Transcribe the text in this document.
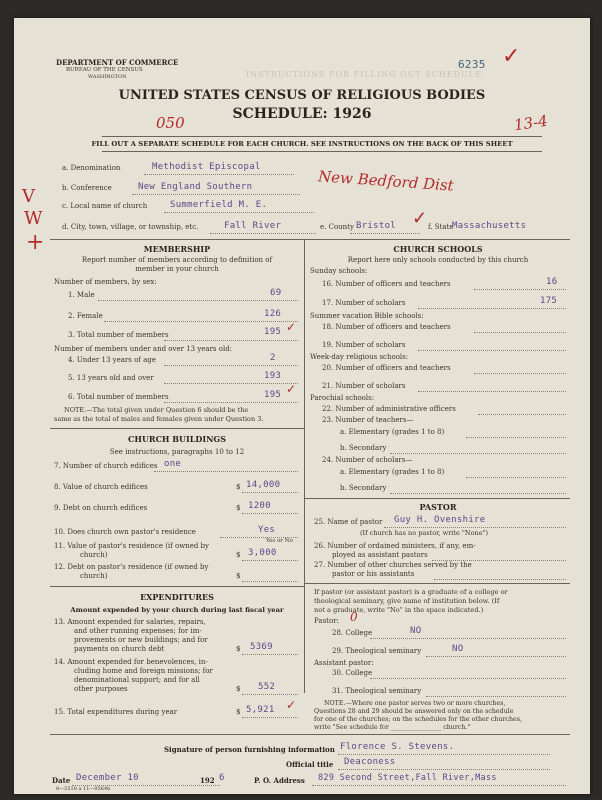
DEPARTMENT OF COMMERCE
BUREAU OF THE CENSUS
WASHINGTON	INSTRUCTIONS FOR FILLING OUT SCHEDULE
6235 ✓
UNITED STATES CENSUS OF RELIGIOUS BODIES
SCHEDULE: 1926
050	13-4
FILL OUT A SEPARATE SCHEDULE FOR EACH CHURCH. SEE INSTRUCTIONS ON THE BACK OF THIS SHEET
V
W
+
a. Denomination	Methodist Episcopal
b. Conference	New England Southern	New Bedford Dist
c. Local name of church	Summerfield M. E.
d. City, town, village, or township, etc.	Fall River	e. County Bristol ✓ f. State
Massachusetts
MEMBERSHIP
Report number of members according to definition of
member in your church
Number of members, by sex:
1. Male	69
2. Female	126
3. Total number of members	195 ✓
Number of members under and over 13 years old:
4. Under 13 years of age	2
5. 13 years old and over	193
6. Total number of members	195 ✓
NOTE.—The total given under Question 6 should be the
same as the total of males and females given under Question 3.
CHURCH BUILDINGS
See instructions, paragraphs 10 to 12
7. Number of church edifices one
8. Value of church edifices	$ 14,000
9. Debt on church edifices	$ 1200
10. Does church own pastor's residence	Yes
Yes or No
11. Value of pastor's residence (if owned by
church)	$ 3,000
12. Debt on pastor's residence (if owned by
church)	$
EXPENDITURES
Amount expended by your church during last fiscal year
13. Amount expended for salaries, repairs,
and other running expenses; for im-
provements or new buildings; and for
payments on church debt	$ 5369
14. Amount expended for benevolences, in-
cluding home and foreign missions; for
denominational support; and for all
other purposes	$ 552
15. Total expenditures during year	$ 5,921 ✓
CHURCH SCHOOLS
Report here only schools conducted by this church
Sunday schools:
16. Number of officers and teachers	16
17. Number of scholars	175
Summer vacation Bible schools:
18. Number of officers and teachers
19. Number of scholars
Week-day religious schools:
20. Number of officers and teachers
21. Number of scholars
Parochial schools:
22. Number of administrative officers
23. Number of teachers—
a. Elementary (grades 1 to 8)
b. Secondary
24. Number of scholars—
a. Elementary (grades 1 to 8)
b. Secondary
PASTOR
25. Name of pastor Guy H. Ovenshire
(If church has no pastor, write "None")
26. Number of ordained ministers, if any, em-
ployed as assistant pastors
27. Number of other churches served by the
pastor or his assistants
If pastor (or assistant pastor) is a graduate of a college or
theological seminary, give name of institution below. (If
not a graduate, write "No" in the space indicated.)
Pastor: 0
28. College	NO
29. Theological seminary	NO
Assistant pastor:
30. College
31. Theological seminary
NOTE.—Where one pastor serves two or more churches,
Questions 28 and 29 should be answered only on the schedule
for one of the churches; on the schedules for the other churches,
write "See schedule for ________________ church."
Signature of person furnishing information Florence S. Stevens.
Official title Deaconess
Date December 10	192 6	P. O. Address 829 Second Street,Fall River,Mass
8—5518 a 11—9564b
